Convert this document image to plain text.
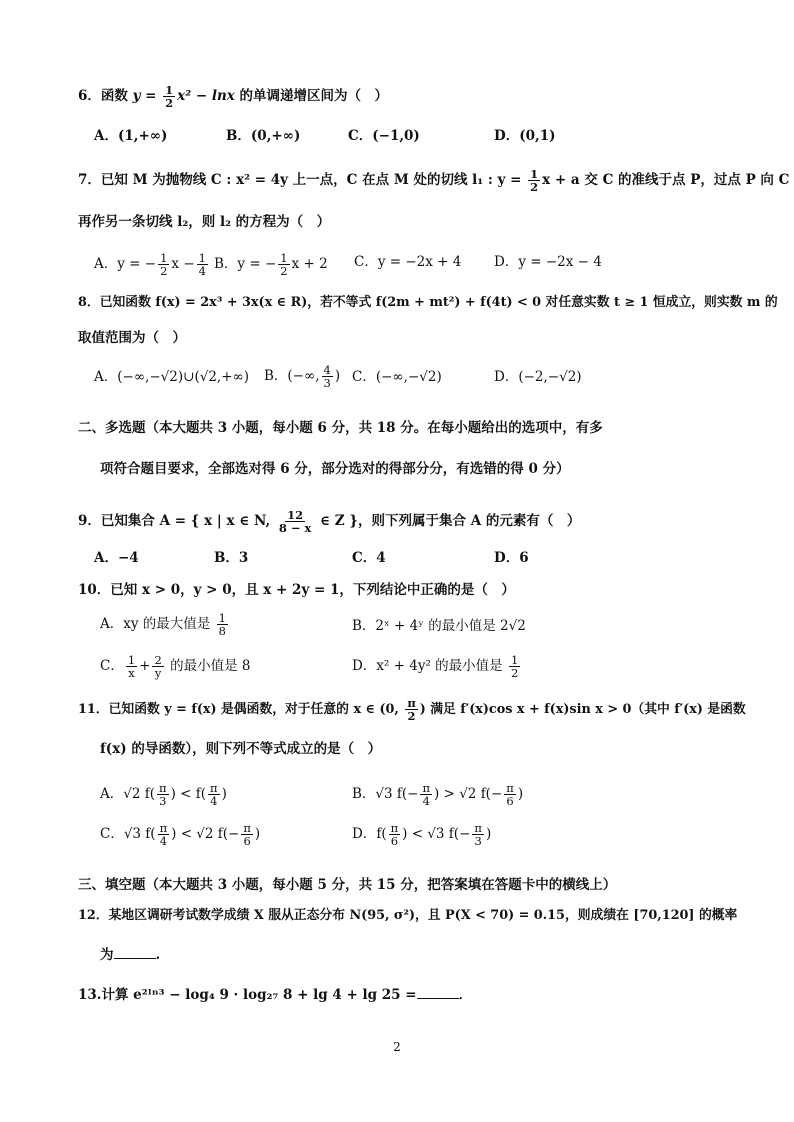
6．函数 $y = \frac{1}{2} x^2 - \ln x$ 的单调递增区间为（　）
A．(1,+∞)	B．(0,+∞)	C．(−1,0)	D．(0,1)
7．已知 M 为抛物线 C : x² = 4y 上一点，C 在点 M 处的切线 l₁ : $y = \frac{1}{2}$ x + a 交 C 的准线于点 P，过点 P 向 C
再作另一条切线 l₂，则 l₂ 的方程为（　）
A．y = − $\frac{1}{2}$ $x - \frac{1}{4}$ B．y = − $\frac{1}{2}$ x + 2 C．y = −2x + 4 D．y = −2x − 4
8．已知函数 f(x) = 2x³ + 3x(x ∈ R)，若不等式 f(2m + mt²) + f(4t) < 0 对任意实数 t ≥ 1 恒成立，则实数 m 的
取值范围为（　）
A．(−∞,−√2)∪(√2,+∞) B．(−∞, $\frac{4}{3}$ ) C．(−∞,−√2)	D．(−2,−√2)
二、多选题（本大题共 3 小题，每小题 6 分，共 18 分。在每小题给出的选项中，有多
项符合题目要求，全部选对得 6 分，部分选对的得部分分，有选错的得 0 分）
9．已知集合 A = { x | x ∈ N, $\frac{12}{8 - x}$ ∈ Z }，则下列属于集合 A 的元素有（　）
A．−4	B．3	C．4	D．6
10．已知 x > 0，y > 0，且 x + 2y = 1，下列结论中正确的是（　）
A．xy 的最大值是 $\frac{1}{8}$	B．2ˣ + 4ʸ 的最小值是 2√2
C． $\frac{1}{x} + \frac{2}{y}$ 的最小值是 8	D．x² + 4y² 的最小值是 $\frac{1}{2}$
11．已知函数 y = f(x) 是偶函数，对于任意的 x ∈ (0, $\frac{\pi}{2}$ ) 满足 f′(x)cos x + f(x)sin x > 0（其中 f′(x) 是函数
f(x) 的导函数），则下列不等式成立的是（　）
A．√2 $f( \frac{\pi}{3}$ ) < $f( \frac{\pi}{4}$ )	B．√3 $f(- \frac{\pi}{4}$ ) > √2 $f(- \frac{\pi}{6}$ )
C．√3 $f( \frac{\pi}{4}$ ) < √2 $f(- \frac{\pi}{6}$ )	D．$f( \frac{\pi}{6}$ ) < √3 $f(- \frac{\pi}{3}$ )
三、填空题（本大题共 3 小题，每小题 5 分，共 15 分，把答案填在答题卡中的横线上）
12．某地区调研考试数学成绩 X 服从正态分布 N(95, σ²)，且 P(X < 70) = 0.15，则成绩在 [70,120] 的概率
为	.
13.计算 e²ˡⁿ³ − log₄ 9 · log₂₇ 8 + lg 4 + lg 25 =	．
2
